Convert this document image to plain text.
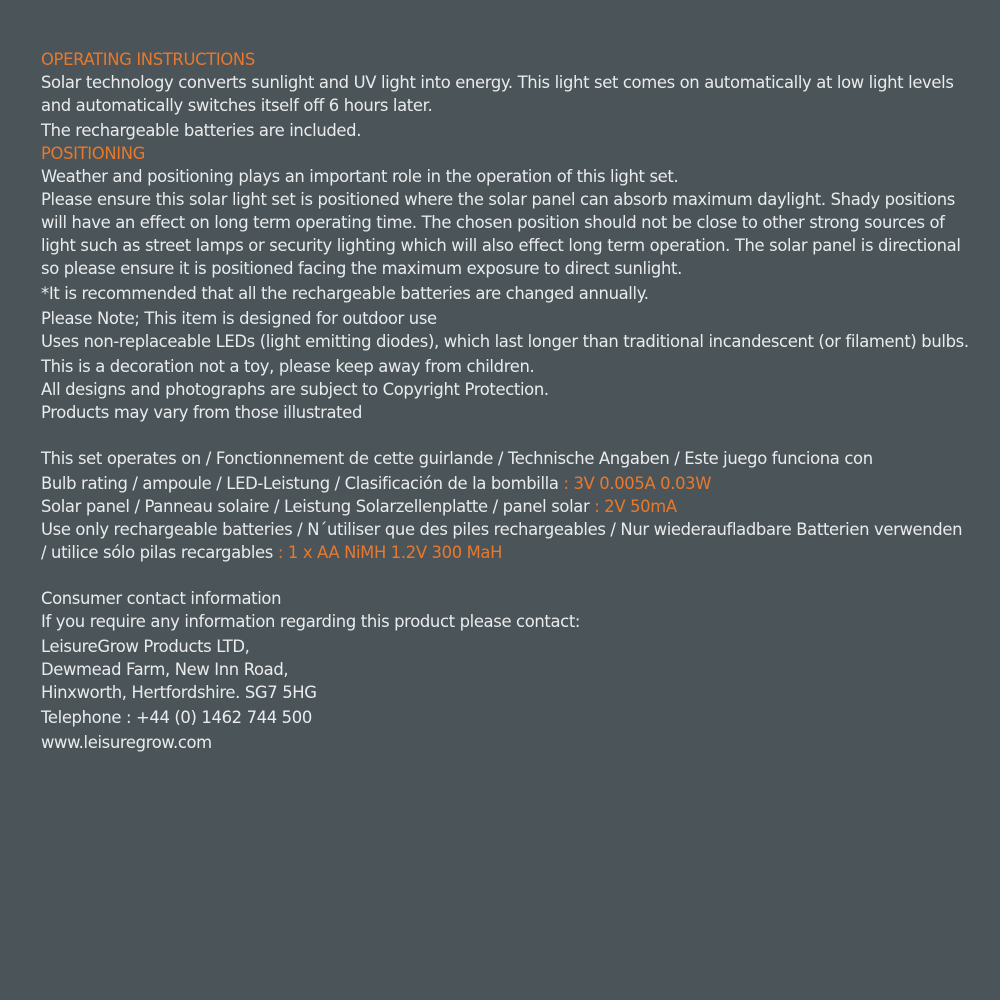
OPERATING INSTRUCTIONS

Solar technology converts sunlight and UV light into energy. This light set comes on automatically at low light levels and automatically switches itself off 6 hours later.

The rechargeable batteries are included.

POSITIONING

Weather and positioning plays an important role in the operation of this light set.

Please ensure this solar light set is positioned where the solar panel can absorb maximum daylight. Shady positions will have an effect on long term operating time. The chosen position should not be close to other strong sources of light such as street lamps or security lighting which will also effect long term operation. The solar panel is directional so please ensure it is positioned facing the maximum exposure to direct sunlight.

*It is recommended that all the rechargeable batteries are changed annually.

Please Note; This item is designed for outdoor use

Uses non-replaceable LEDs (light emitting diodes), which last longer than traditional incandescent (or filament) bulbs.

This is a decoration not a toy, please keep away from children.

All designs and photographs are subject to Copyright Protection.

Products may vary from those illustrated

This set operates on / Fonctionnement de cette guirlande / Technische Angaben / Este juego funciona con

Bulb rating / ampoule / LED-Leistung / Clasificación de la bombilla : 3V 0.005A 0.03W

Solar panel / Panneau solaire / Leistung Solarzellenplatte / panel solar : 2V 50mA

Use only rechargeable batteries / N´utiliser que des piles rechargeables / Nur wiederaufladbare Batterien verwenden / utilice sólo pilas recargables : 1 x AA NiMH 1.2V 300 MaH

Consumer contact information

If you require any information regarding this product please contact:

LeisureGrow Products LTD,

Dewmead Farm, New Inn Road,

Hinxworth, Hertfordshire. SG7 5HG

Telephone : +44 (0) 1462 744 500

www.leisuregrow.com
